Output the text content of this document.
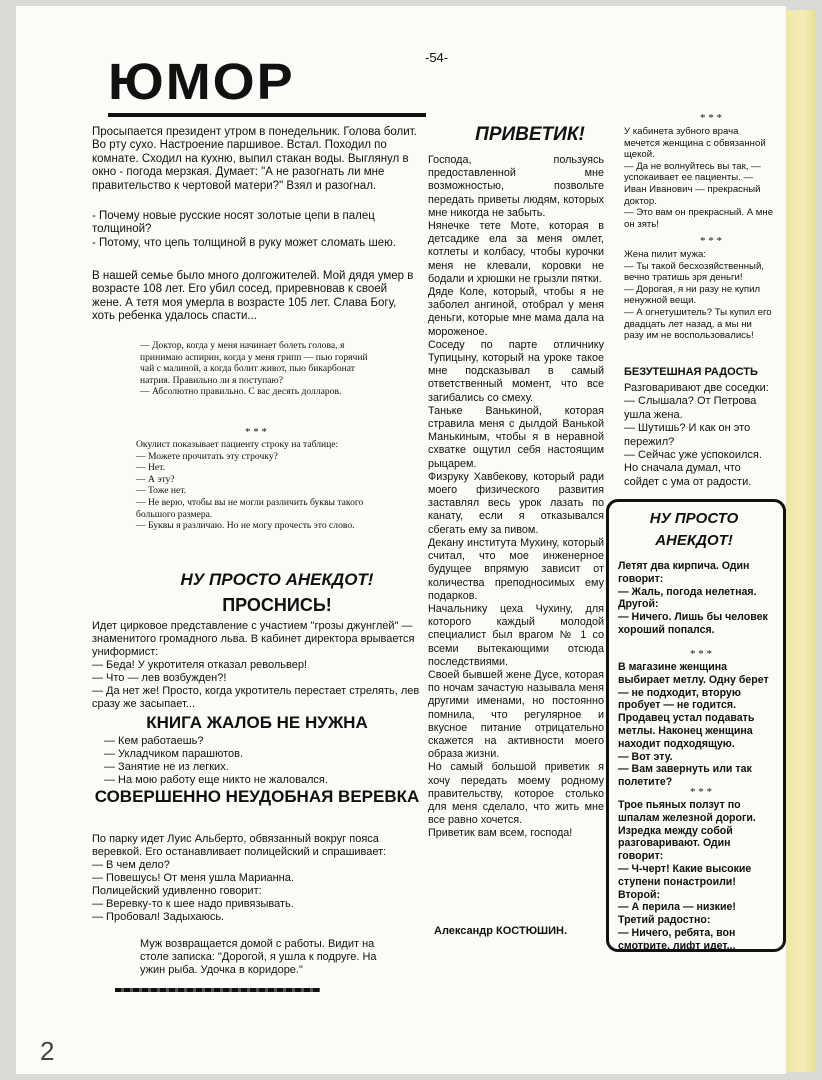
-54-
ЮМОР

Просыпается президент утром в понедельник. Голова болит. Во рту сухо. Настроение паршивое. Встал. Походил по комнате. Сходил на кухню, выпил стакан воды. Выглянул в окно - погода мерзкая. Думает: "А не разогнать ли мне правительство к чертовой матери?" Взял и разогнал.

- Почему новые русские носят золотые цепи в палец толщиной?
- Потому, что цепь толщиной в руку может сломать шею.

В нашей семье было много долгожителей. Мой дядя умер в возрасте 108 лет. Его убил сосед, приревновав к своей жене. А тетя моя умерла в возрасте 105 лет. Слава Богу, хоть ребенка удалось спасти...

— Доктор, когда у меня начинает болеть голова, я принимаю аспирин, когда у меня грипп — пью горячий чай с малиной, а когда болит живот, пью бикарбонат натрия. Правильно ли я поступаю?
— Абсолютно правильно. С вас десять долларов.

* * *

Окулист показывает пациенту строку на таблице:
— Можете прочитать эту строчку?
— Нет.
— А эту?
— Тоже нет.
— Не верю, чтобы вы не могли различить буквы такого большого размера.
— Буквы я различаю. Но не могу прочесть это слово.

НУ ПРОСТО АНЕКДОТ!
ПРОСНИСЬ!

Идет цирковое представление с участием "грозы джунглей" — знаменитого громадного льва. В кабинет директора врывается униформист:
— Беда! У укротителя отказал револьвер!
— Что — лев возбужден?!
— Да нет же! Просто, когда укротитель перестает стрелять, лев сразу же засыпает...

КНИГА ЖАЛОБ НЕ НУЖНА

— Кем работаешь?
— Укладчиком парашютов.
— Занятие не из легких.
— На мою работу еще никто не жаловался.

СОВЕРШЕННО НЕУДОБНАЯ ВЕРЕВКА

По парку идет Луис Альберто, обвязанный вокруг пояса веревкой. Его останавливает полицейский и спрашивает:
— В чем дело?
— Повешусь! От меня ушла Марианна.
Полицейский удивленно говорит:
— Веревку-то к шее надо привязывать.
— Пробовал! Задыхаюсь.

Муж возвращается домой с работы. Видит на столе записка: "Дорогой, я ушла к подруге. На ужин рыба. Удочка в коридоре."

ПРИВЕТИК!

Господа, пользуясь предоставленной мне возможностью, позвольте передать приветы людям, которых мне никогда не забыть.
Нянечке тете Моте, которая в детсадике ела за меня омлет, котлеты и колбасу, чтобы курочки меня не клевали, коровки не бодали и хрюшки не грызли пятки.
Дяде Коле, который, чтобы я не заболел ангиной, отобрал у меня деньги, которые мне мама дала на мороженое.
Соседу по парте отличнику Тупицыну, который на уроке такое мне подсказывал в самый ответственный момент, что все загибались со смеху.
Таньке Ванькиной, которая стравила меня с дылдой Ванькой Манькиным, чтобы я в неравной схватке ощутил себя настоящим рыцарем.
Физруку Хавбекову, который ради моего физического развития заставлял весь урок лазать по канату, если я отказывался сбегать ему за пивом.
Декану института Мухину, который считал, что мое инженерное будущее впрямую зависит от количества преподносимых ему подарков.
Начальнику цеха Чухину, для которого каждый молодой специалист был врагом № 1 со всеми вытекающими отсюда последствиями.
Своей бывшей жене Дусе, которая по ночам зачастую называла меня другими именами, но постоянно помнила, что регулярное и вкусное питание отрицательно скажется на активности моего образа жизни.
Но самый большой приветик я хочу передать моему родному правительству, которое столько для меня сделало, что жить мне все равно хочется.
Приветик вам всем, господа!

Александр КОСТЮШИН.
* * *

У кабинета зубного врача мечется женщина с обвязанной щекой.
— Да не волнуйтесь вы так, — успокаивает ее пациенты. — Иван Иванович — прекрасный доктор.
— Это вам он прекрасный. А мне он зять!

* * *

Жена пилит мужа:
— Ты такой бесхозяйственный, вечно тратишь зря деньги!
— Дорогая, я ни разу не купил ненужной вещи.
— А огнетушитель? Ты купил его двадцать лет назад, а мы ни разу им не воспользовались!

БЕЗУТЕШНАЯ РАДОСТЬ

Разговаривают две соседки:
— Слышала? От Петрова ушла жена.
— Шутишь? И как он это пережил?
— Сейчас уже успокоился. Но сначала думал, что сойдет с ума от радости.

НУ ПРОСТО АНЕКДОТ!

Летят два кирпича. Один говорит:
— Жаль, погода нелетная.
Другой:
— Ничего. Лишь бы человек хороший попался.

* * *

В магазине женщина выбирает метлу. Одну берет — не подходит, вторую пробует — не годится. Продавец устал подавать метлы. Наконец женщина находит подходящую.
— Вот эту.
— Вам завернуть или так полетите?

* * *

Трое пьяных ползут по шпалам железной дороги. Изредка между собой разговаривают. Один говорит:
— Ч-черт! Какие высокие ступени понастроили!
Второй:
— А перила — низкие!
Третий радостно:
— Ничего, ребята, вон смотрите, лифт идет...

2
